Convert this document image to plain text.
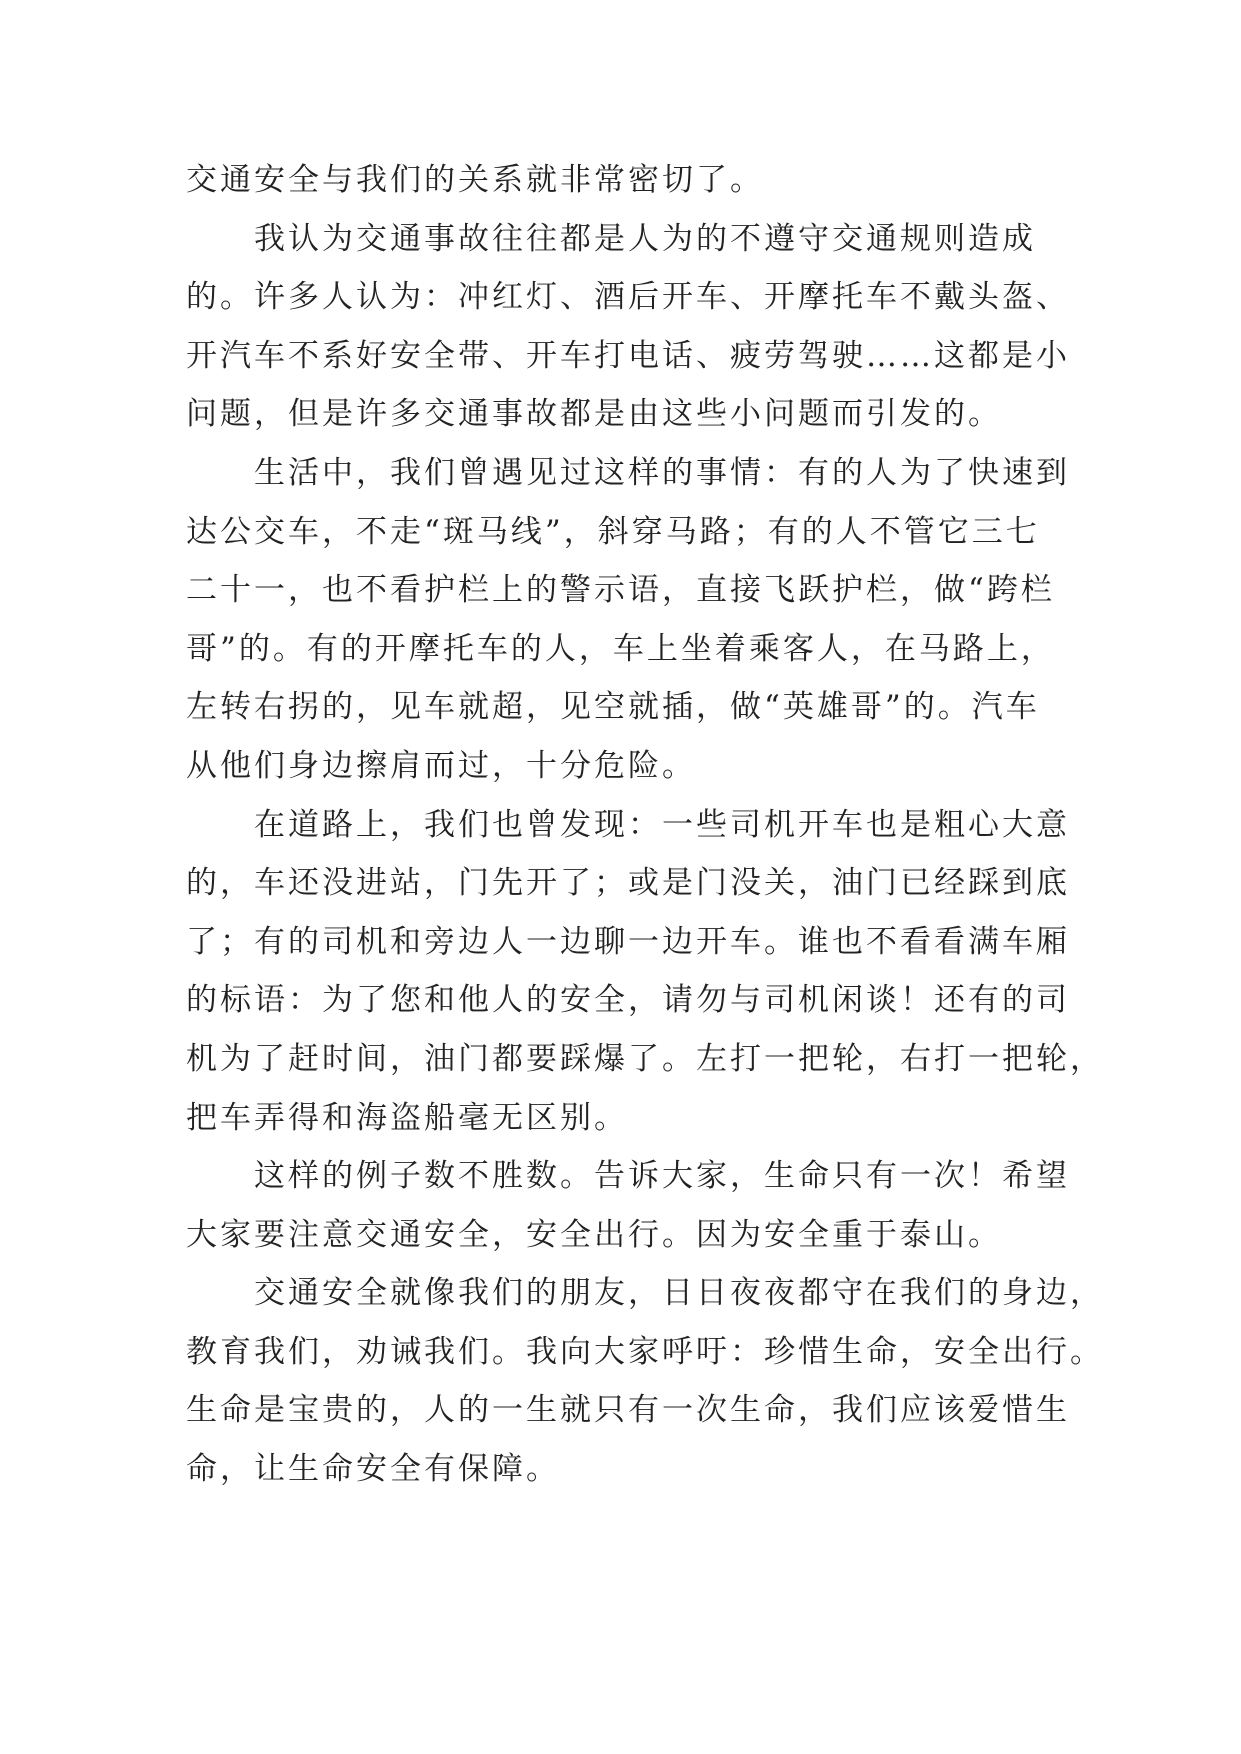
交通安全与我们的关系就非常密切了。
我认为交通事故往往都是人为的不遵守交通规则造成
的。许多人认为：冲红灯、酒后开车、开摩托车不戴头盔、
开汽车不系好安全带、开车打电话、疲劳驾驶……这都是小
问题，但是许多交通事故都是由这些小问题而引发的。
生活中，我们曾遇见过这样的事情：有的人为了快速到
达公交车，不走“斑马线”，斜穿马路；有的人不管它三七
二十一，也不看护栏上的警示语，直接飞跃护栏，做“跨栏
哥”的。有的开摩托车的人，车上坐着乘客人，在马路上，
左转右拐的，见车就超，见空就插，做“英雄哥”的。汽车
从他们身边擦肩而过，十分危险。
在道路上，我们也曾发现：一些司机开车也是粗心大意
的，车还没进站，门先开了；或是门没关，油门已经踩到底
了；有的司机和旁边人一边聊一边开车。谁也不看看满车厢
的标语：为了您和他人的安全，请勿与司机闲谈！还有的司
机为了赶时间，油门都要踩爆了。左打一把轮，右打一把轮，
把车弄得和海盗船毫无区别。
这样的例子数不胜数。告诉大家，生命只有一次！希望
大家要注意交通安全，安全出行。因为安全重于泰山。
交通安全就像我们的朋友，日日夜夜都守在我们的身边，
教育我们，劝诫我们。我向大家呼吁：珍惜生命，安全出行。
生命是宝贵的，人的一生就只有一次生命，我们应该爱惜生
命，让生命安全有保障。
